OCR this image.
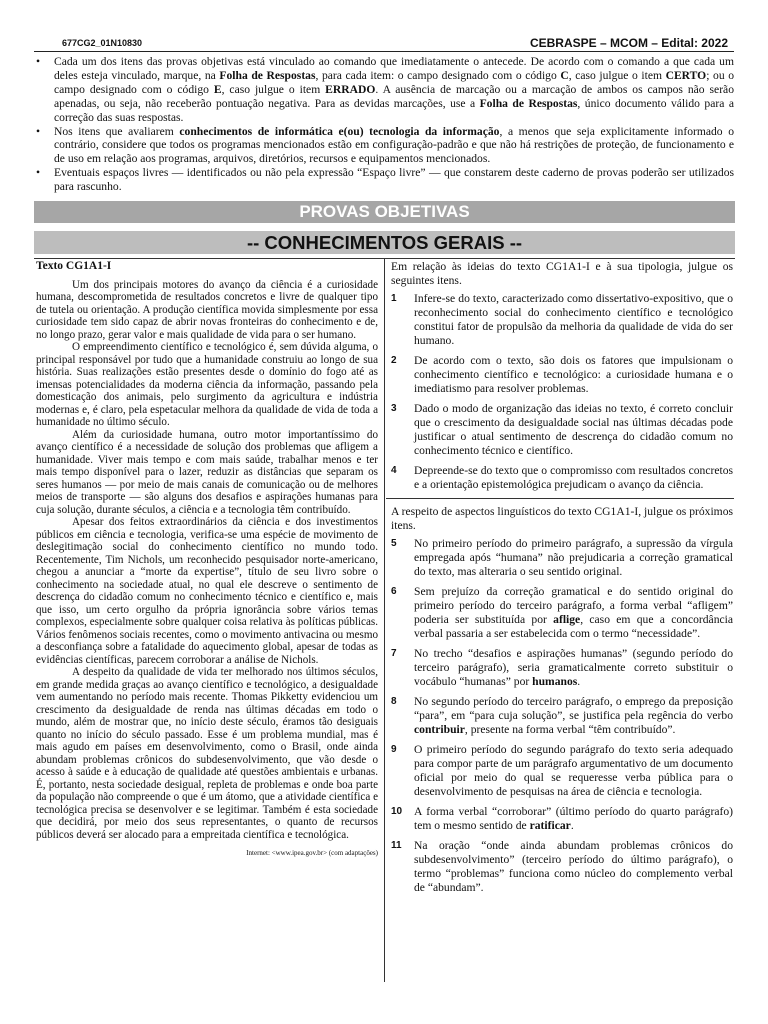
677CG2_01N10830	CEBRASPE – MCOM – Edital: 2022
• Cada um dos itens das provas objetivas está vinculado ao comando que imediatamente o antecede. De acordo com o comando a que cada um deles esteja vinculado, marque, na Folha de Respostas, para cada item: o campo designado com o código C, caso julgue o item CERTO; ou o campo designado com o código E, caso julgue o item ERRADO. A ausência de marcação ou a marcação de ambos os campos não serão apenadas, ou seja, não receberão pontuação negativa. Para as devidas marcações, use a Folha de Respostas, único documento válido para a correção das suas respostas.
• Nos itens que avaliarem conhecimentos de informática e(ou) tecnologia da informação, a menos que seja explicitamente informado o contrário, considere que todos os programas mencionados estão em configuração-padrão e que não há restrições de proteção, de funcionamento e de uso em relação aos programas, arquivos, diretórios, recursos e equipamentos mencionados.
• Eventuais espaços livres — identificados ou não pela expressão “Espaço livre” — que constarem deste caderno de provas poderão ser utilizados para rascunho.
PROVAS OBJETIVAS
-- CONHECIMENTOS GERAIS --
Texto CG1A1-I

Um dos principais motores do avanço da ciência é a curiosidade humana, descomprometida de resultados concretos e livre de qualquer tipo de tutela ou orientação. A produção científica movida simplesmente por essa curiosidade tem sido capaz de abrir novas fronteiras do conhecimento e de, no longo prazo, gerar valor e mais qualidade de vida para o ser humano.

O empreendimento científico e tecnológico é, sem dúvida alguma, o principal responsável por tudo que a humanidade construiu ao longo de sua história. Suas realizações estão presentes desde o domínio do fogo até as imensas potencialidades da moderna ciência da informação, passando pela domesticação dos animais, pelo surgimento da agricultura e indústria modernas e, é claro, pela espetacular melhora da qualidade de vida de toda a humanidade no último século.

Além da curiosidade humana, outro motor importantíssimo do avanço científico é a necessidade de solução dos problemas que afligem a humanidade. Viver mais tempo e com mais saúde, trabalhar menos e ter mais tempo disponível para o lazer, reduzir as distâncias que separam os seres humanos — por meio de mais canais de comunicação ou de melhores meios de transporte — são alguns dos desafios e aspirações humanas para cuja solução, durante séculos, a ciência e a tecnologia têm contribuído.

Apesar dos feitos extraordinários da ciência e dos investimentos públicos em ciência e tecnologia, verifica-se uma espécie de movimento de deslegitimação social do conhecimento científico no mundo todo. Recentemente, Tim Nichols, um reconhecido pesquisador norte-americano, chegou a anunciar a “morte da expertise”, título de seu livro sobre o conhecimento na sociedade atual, no qual ele descreve o sentimento de descrença do cidadão comum no conhecimento técnico e científico e, mais que isso, um certo orgulho da própria ignorância sobre vários temas complexos, especialmente sobre qualquer coisa relativa às políticas públicas. Vários fenômenos sociais recentes, como o movimento antivacina ou mesmo a desconfiança sobre a fatalidade do aquecimento global, apesar de todas as evidências científicas, parecem corroborar a análise de Nichols.

A despeito da qualidade de vida ter melhorado nos últimos séculos, em grande medida graças ao avanço científico e tecnológico, a desigualdade vem aumentando no período mais recente. Thomas Pikketty evidenciou um crescimento da desigualdade de renda nas últimas décadas em todo o mundo, além de mostrar que, no início deste século, éramos tão desiguais quanto no início do século passado. Esse é um problema mundial, mas é mais agudo em países em desenvolvimento, como o Brasil, onde ainda abundam problemas crônicos do subdesenvolvimento, que vão desde o acesso à saúde e à educação de qualidade até questões ambientais e urbanas. É, portanto, nesta sociedade desigual, repleta de problemas e onde boa parte da população não compreende o que é um átomo, que a atividade científica e tecnológica precisa se desenvolver e se legitimar. Também é esta sociedade que decidirá, por meio dos seus representantes, o quanto de recursos públicos deverá ser alocado para a empreitada científica e tecnológica.

Internet: <www.ipea.gov.br> (com adaptações)
Em relação às ideias do texto CG1A1-I e à sua tipologia, julgue os seguintes itens.
1 Infere-se do texto, caracterizado como dissertativo-expositivo, que o reconhecimento social do conhecimento científico e tecnológico constitui fator de propulsão da melhoria da qualidade de vida do ser humano.
2 De acordo com o texto, são dois os fatores que impulsionam o conhecimento científico e tecnológico: a curiosidade humana e o imediatismo para resolver problemas.
3 Dado o modo de organização das ideias no texto, é correto concluir que o crescimento da desigualdade social nas últimas décadas pode justificar o atual sentimento de descrença do cidadão comum no conhecimento técnico e científico.
4 Depreende-se do texto que o compromisso com resultados concretos e a orientação epistemológica prejudicam o avanço da ciência.
A respeito de aspectos linguísticos do texto CG1A1-I, julgue os próximos itens.
5 No primeiro período do primeiro parágrafo, a supressão da vírgula empregada após “humana” não prejudicaria a correção gramatical do texto, mas alteraria o seu sentido original.
6 Sem prejuízo da correção gramatical e do sentido original do primeiro período do terceiro parágrafo, a forma verbal “afligem” poderia ser substituída por aflige, caso em que a concordância verbal passaria a ser estabelecida com o termo “necessidade”.
7 No trecho “desafios e aspirações humanas” (segundo período do terceiro parágrafo), seria gramaticalmente correto substituir o vocábulo “humanas” por humanos.
8 No segundo período do terceiro parágrafo, o emprego da preposição “para”, em “para cuja solução”, se justifica pela regência do verbo contribuir, presente na forma verbal “têm contribuído”.
9 O primeiro período do segundo parágrafo do texto seria adequado para compor parte de um parágrafo argumentativo de um documento oficial por meio do qual se requeresse verba pública para o desenvolvimento de pesquisas na área de ciência e tecnologia.
10 A forma verbal “corroborar” (último período do quarto parágrafo) tem o mesmo sentido de ratificar.
11 Na oração “onde ainda abundam problemas crônicos do subdesenvolvimento” (terceiro período do último parágrafo), o termo “problemas” funciona como núcleo do complemento verbal de “abundam”.
